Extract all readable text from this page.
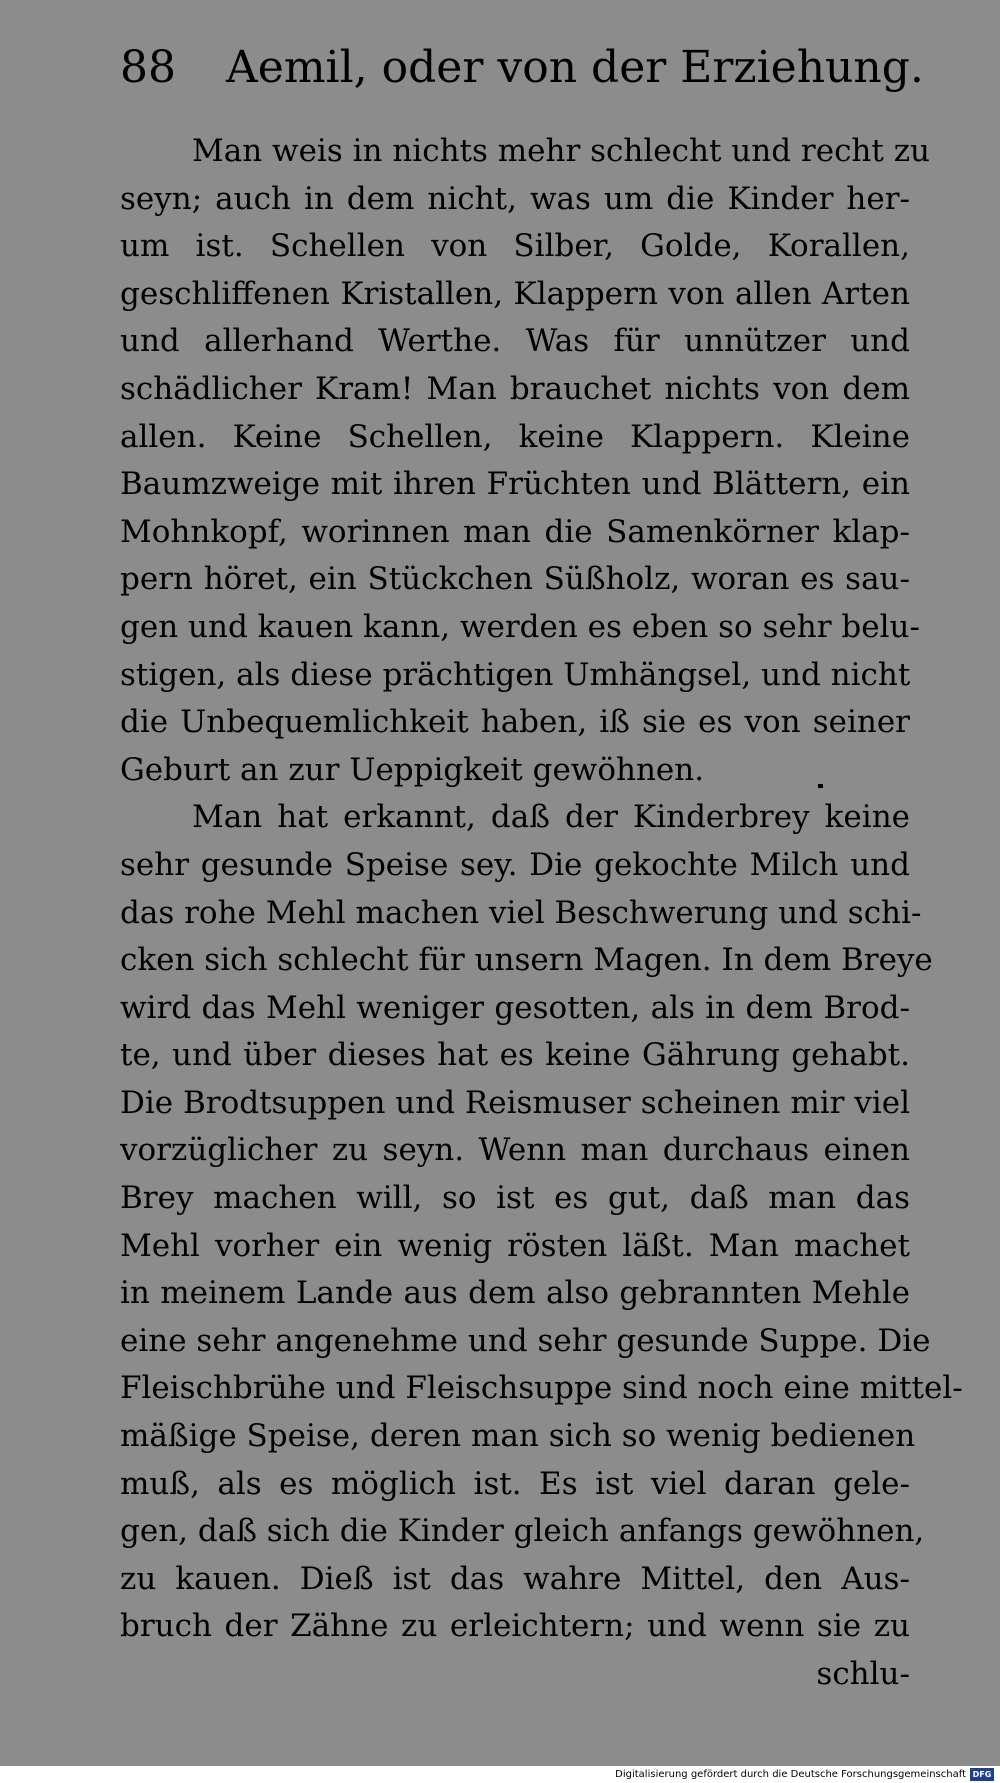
88 Aemil, oder von der Erziehung.
Man weis in nichts mehr schlecht und recht zu
seyn; auch in dem nicht, was um die Kinder her-
um ist. Schellen von Silber, Golde, Korallen,
geschliffenen Kristallen, Klappern von allen Arten
und allerhand Werthe. Was für unnützer und
schädlicher Kram! Man brauchet nichts von dem
allen. Keine Schellen, keine Klappern. Kleine
Baumzweige mit ihren Früchten und Blättern, ein
Mohnkopf, worinnen man die Samenkörner klap-
pern höret, ein Stückchen Süßholz, woran es sau-
gen und kauen kann, werden es eben so sehr belu-
stigen, als diese prächtigen Umhängsel, und nicht
die Unbequemlichkeit haben, iß sie es von seiner
Geburt an zur Ueppigkeit gewöhnen.
Man hat erkannt, daß der Kinderbrey keine
sehr gesunde Speise sey. Die gekochte Milch und
das rohe Mehl machen viel Beschwerung und schi-
cken sich schlecht für unsern Magen. In dem Breye
wird das Mehl weniger gesotten, als in dem Brod-
te, und über dieses hat es keine Gährung gehabt.
Die Brodtsuppen und Reismuser scheinen mir viel
vorzüglicher zu seyn. Wenn man durchaus einen
Brey machen will, so ist es gut, daß man das
Mehl vorher ein wenig rösten läßt. Man machet
in meinem Lande aus dem also gebrannten Mehle
eine sehr angenehme und sehr gesunde Suppe. Die
Fleischbrühe und Fleischsuppe sind noch eine mittel-
mäßige Speise, deren man sich so wenig bedienen
muß, als es möglich ist. Es ist viel daran gele-
gen, daß sich die Kinder gleich anfangs gewöhnen,
zu kauen. Dieß ist das wahre Mittel, den Aus-
bruch der Zähne zu erleichtern; und wenn sie zu
schlu-
Digitalisierung gefördert durch die Deutsche Forschungsgemeinschaft DFG
